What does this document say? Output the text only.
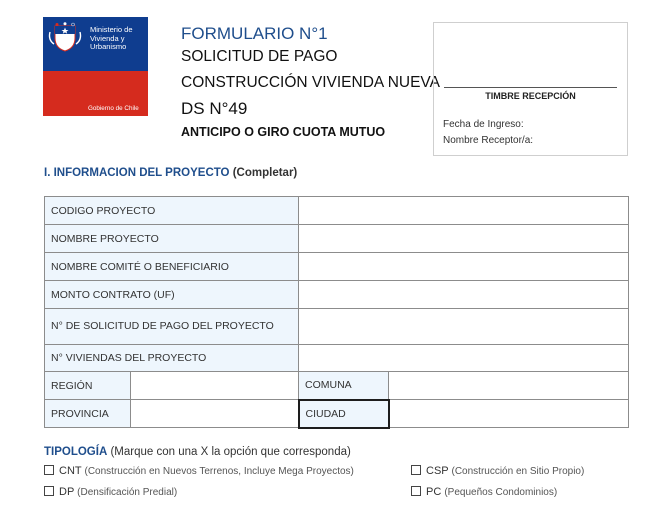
Ministerio de
Vivienda y
Urbanismo
Gobierno de Chile
FORMULARIO N°1
SOLICITUD DE PAGO
CONSTRUCCIÓN VIVIENDA NUEVA
DS N°49
ANTICIPO O GIRO CUOTA MUTUO
TIMBRE RECEPCIÓN
Fecha de Ingreso:
Nombre Receptor/a:
I. INFORMACION DEL PROYECTO (Completar)
CODIGO PROYECTO			
NOMBRE PROYECTO			
NOMBRE COMITÉ O BENEFICIARIO			
MONTO CONTRATO (UF)			
N° DE SOLICITUD DE PAGO DEL PROYECTO			
N° VIVIENDAS DEL PROYECTO			
REGIÓN		COMUNA	
PROVINCIA		CIUDAD	
TIPOLOGÍA (Marque con una X la opción que corresponda)
CNT (Construcción en Nuevos Terrenos, Incluye Mega Proyectos)	CSP (Construcción en Sitio Propio)
DP (Densificación Predial)	PC (Pequeños Condominios)
